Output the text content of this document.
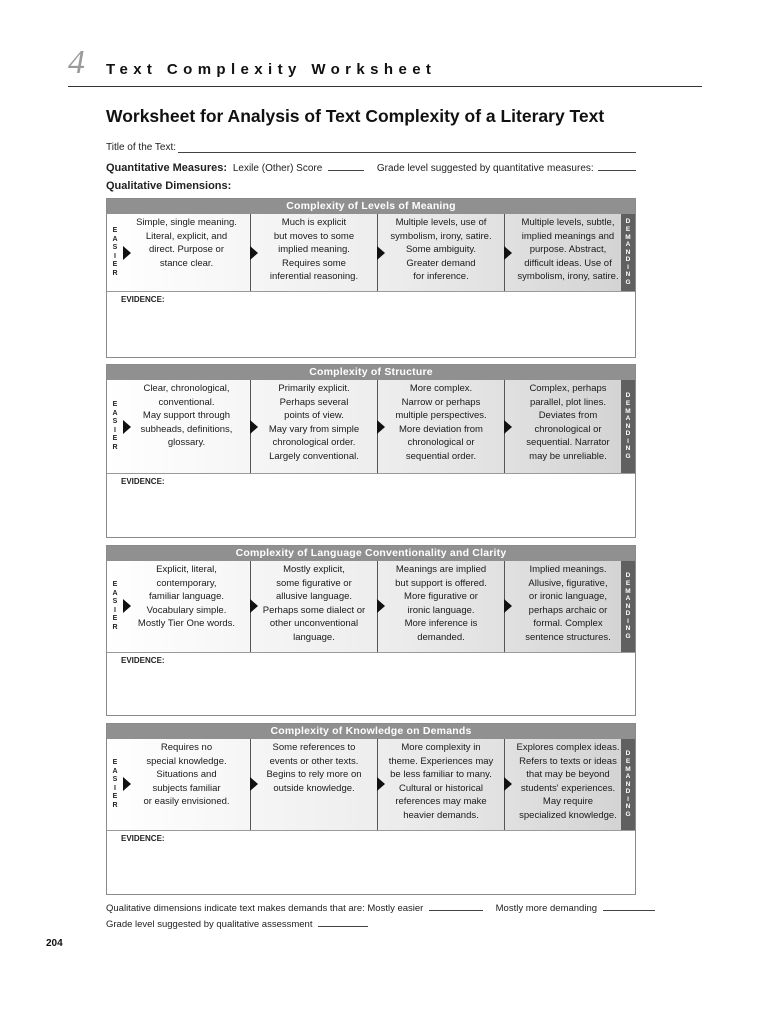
4 Text Complexity Worksheet
Worksheet for Analysis of Text Complexity of a Literary Text
Title of the Text:
Quantitative Measures: Lexile (Other) Score	Grade level suggested by quantitative measures:
Qualitative Dimensions:
Complexity of Levels of Meaning
E
A
S
I
E
R
Simple, single meaning.
Literal, explicit, and
direct. Purpose or
stance clear.
Much is explicit
but moves to some
implied meaning.
Requires some
inferential reasoning.
Multiple levels, use of
symbolism, irony, satire.
Some ambiguity.
Greater demand
for inference.
Multiple levels, subtle,
implied meanings and
purpose. Abstract,
difficult ideas. Use of
symbolism, irony, satire.
D
E
M
A
N
D
I
N
G
EVIDENCE:
Complexity of Structure
E
A
S
I
E
R
Clear, chronological,
conventional.
May support through
subheads, definitions,
glossary.
Primarily explicit.
Perhaps several
points of view.
May vary from simple
chronological order.
Largely conventional.
More complex.
Narrow or perhaps
multiple perspectives.
More deviation from
chronological or
sequential order.
Complex, perhaps
parallel, plot lines.
Deviates from
chronological or
sequential. Narrator
may be unreliable.
D
E
M
A
N
D
I
N
G
EVIDENCE:
Complexity of Language Conventionality and Clarity
E
A
S
I
E
R
Explicit, literal,
contemporary,
familiar language.
Vocabulary simple.
Mostly Tier One words.
Mostly explicit,
some figurative or
allusive language.
Perhaps some dialect or
other unconventional
language.
Meanings are implied
but support is offered.
More figurative or
ironic language.
More inference is
demanded.
Implied meanings.
Allusive, figurative,
or ironic language,
perhaps archaic or
formal. Complex
sentence structures.
D
E
M
A
N
D
I
N
G
EVIDENCE:
Complexity of Knowledge on Demands
E
A
S
I
E
R
Requires no
special knowledge.
Situations and
subjects familiar
or easily envisioned.
Some references to
events or other texts.
Begins to rely more on
outside knowledge.
More complexity in
theme. Experiences may
be less familiar to many.
Cultural or historical
references may make
heavier demands.
Explores complex ideas.
Refers to texts or ideas
that may be beyond
students' experiences.
May require
specialized knowledge.
D
E
M
A
N
D
I
N
G
EVIDENCE:
Qualitative dimensions indicate text makes demands that are: Mostly easier	Mostly more demanding
Grade level suggested by qualitative assessment
204
